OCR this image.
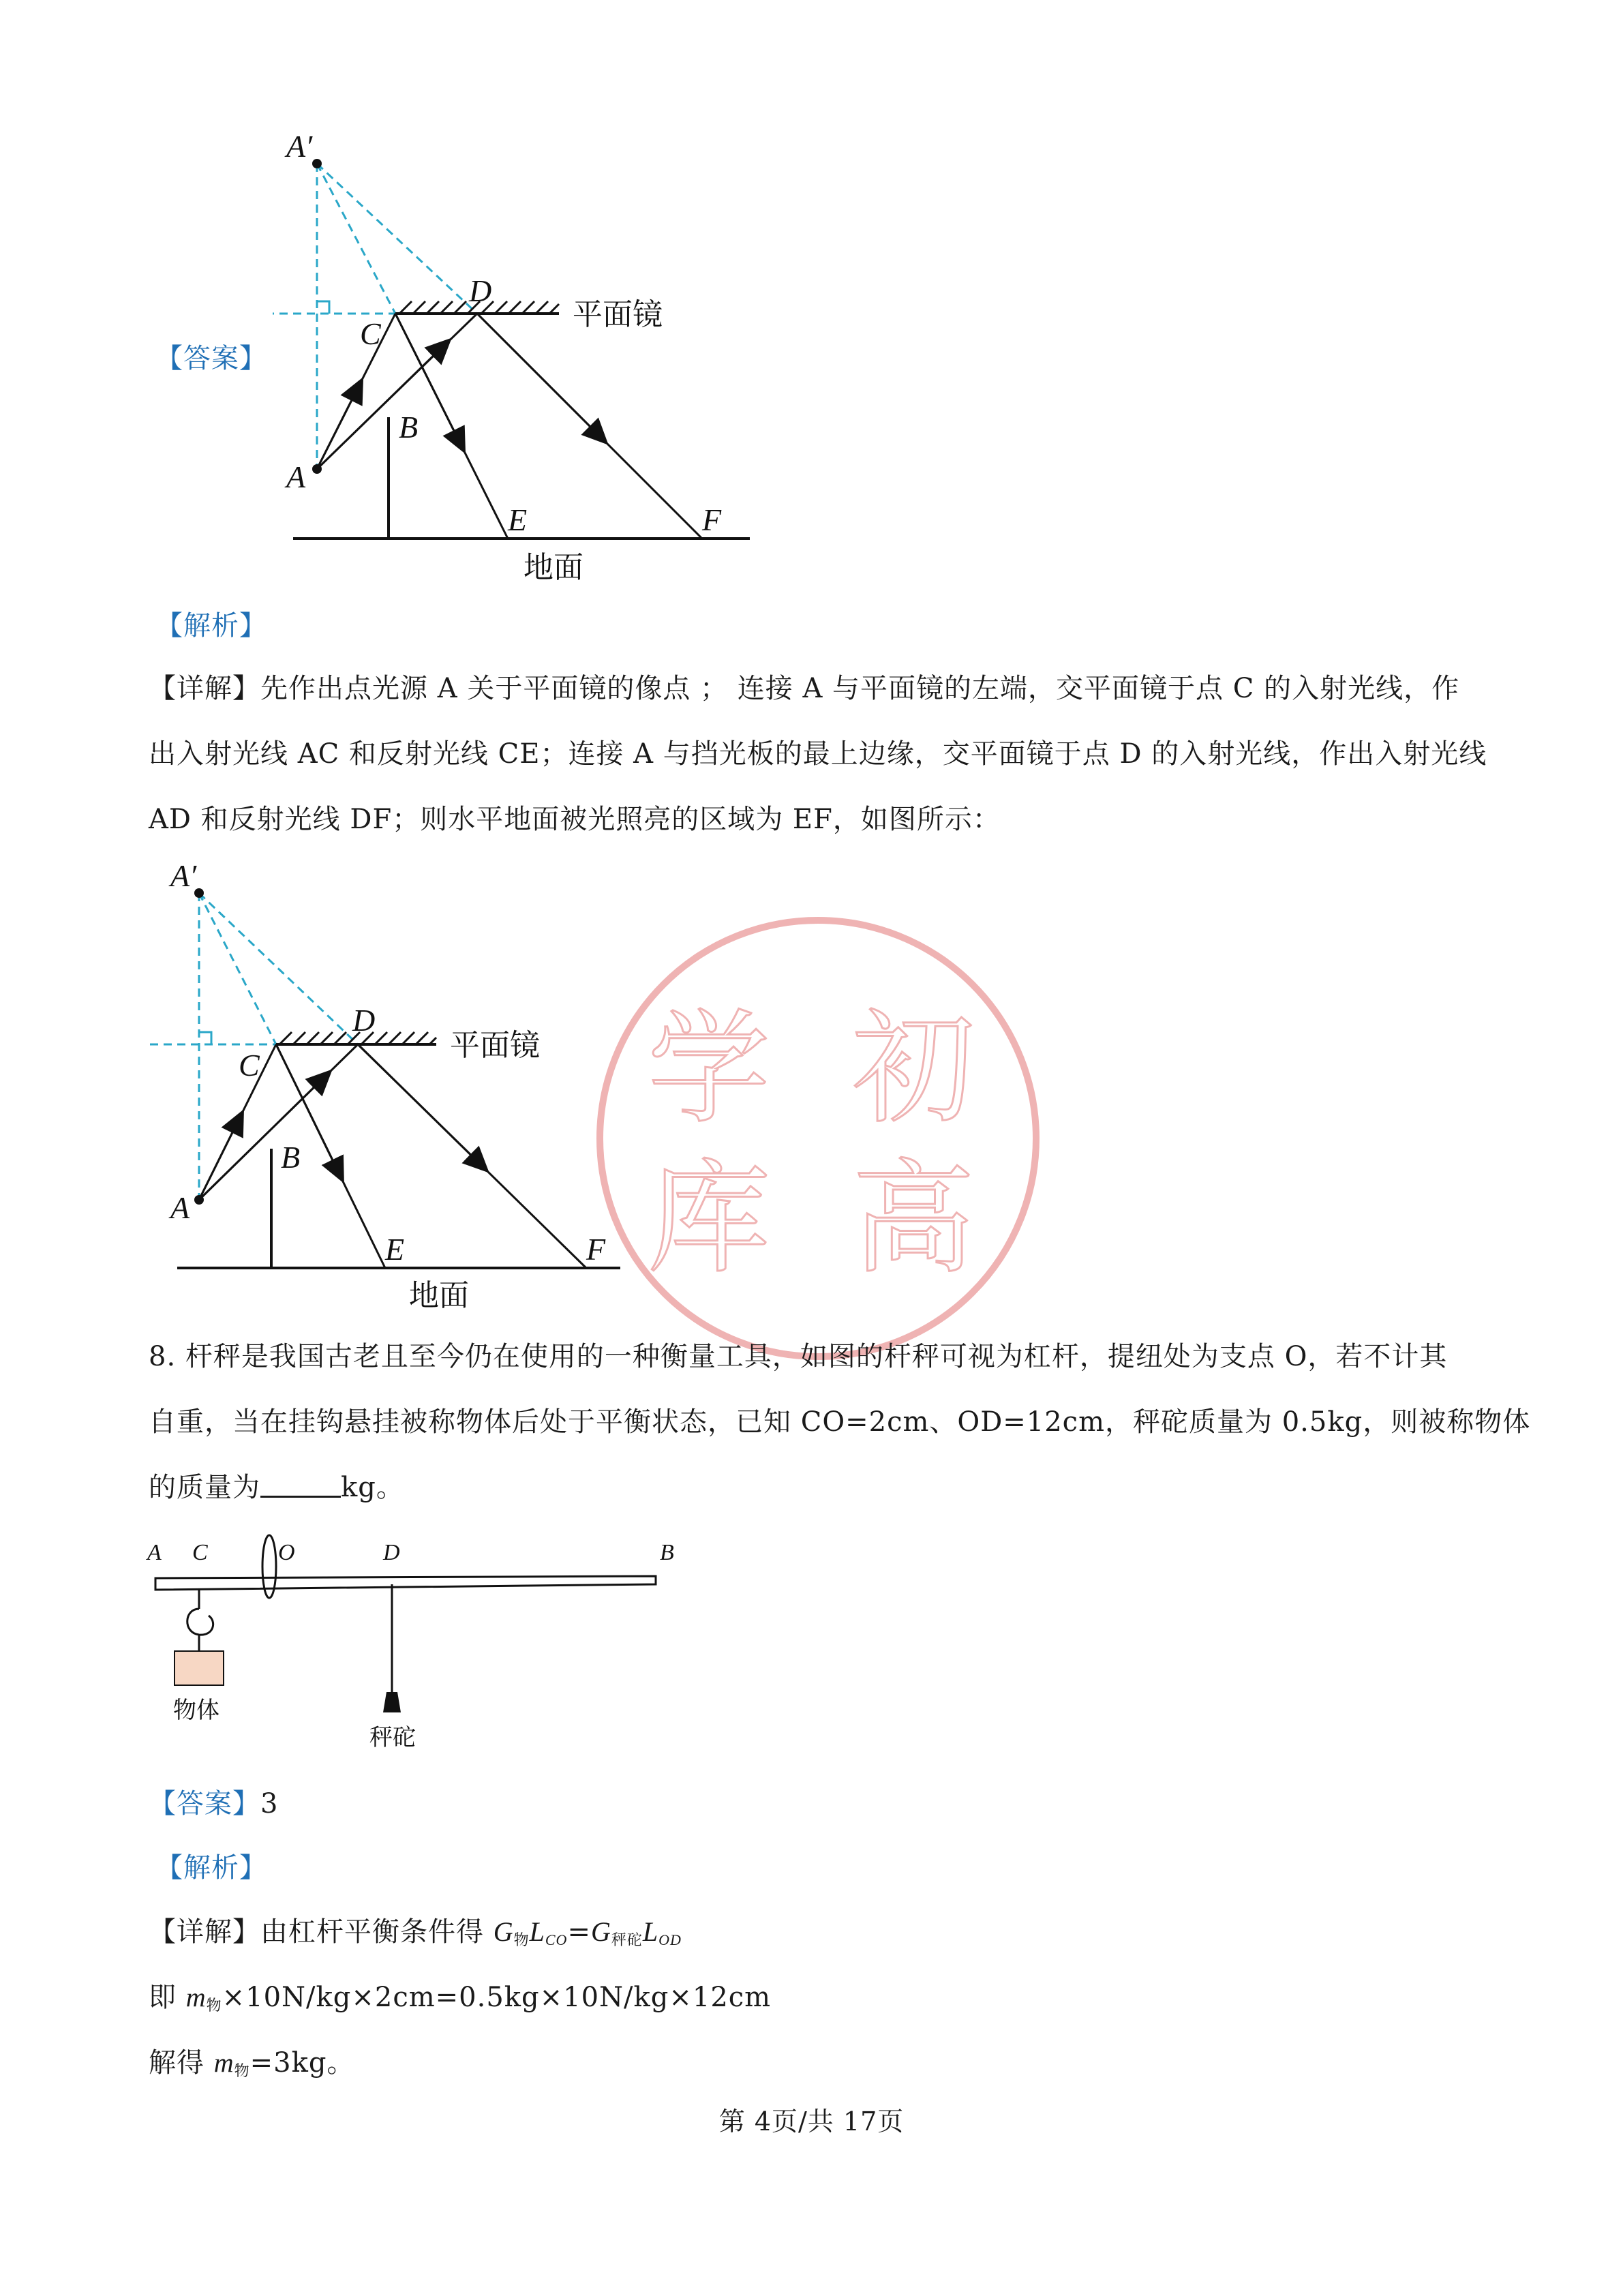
学 初
库 高
【答案】
A′
A
B
C
D
E	F
平面镜
地面
【解析】
【详解】先作出点光源 A 关于平面镜的像点 ； 连接 A 与平面镜的左端，交平面镜于点 C 的入射光线，作
出入射光线 AC 和反射光线 CE；连接 A 与挡光板的最上边缘，交平面镜于点 D 的入射光线，作出入射光线
AD 和反射光线 DF；则水平地面被光照亮的区域为 EF，如图所示：
A′
A
B
C
D
E	F
平面镜
地面
8. 杆秤是我国古老且至今仍在使用的一种衡量工具，如图的杆秤可视为杠杆，提纽处为支点 O，若不计其
自重，当在挂钩悬挂被称物体后处于平衡状态，已知 CO=2cm、OD=12cm，秤砣质量为 0.5kg，则被称物体
的质量为	kg。
A C	O	D	B
物体
秤砣
【答案】3
【解析】
【详解】由杠杆平衡条件得 $G_物L_{CO}=G_{秤砣}L_{OD}$
即 $m_物\times 10N/kg\times 2cm=0.5kg\times 10N/kg\times 12cm$
解得 $m_物=3kg$。
第 4页/共 17页
